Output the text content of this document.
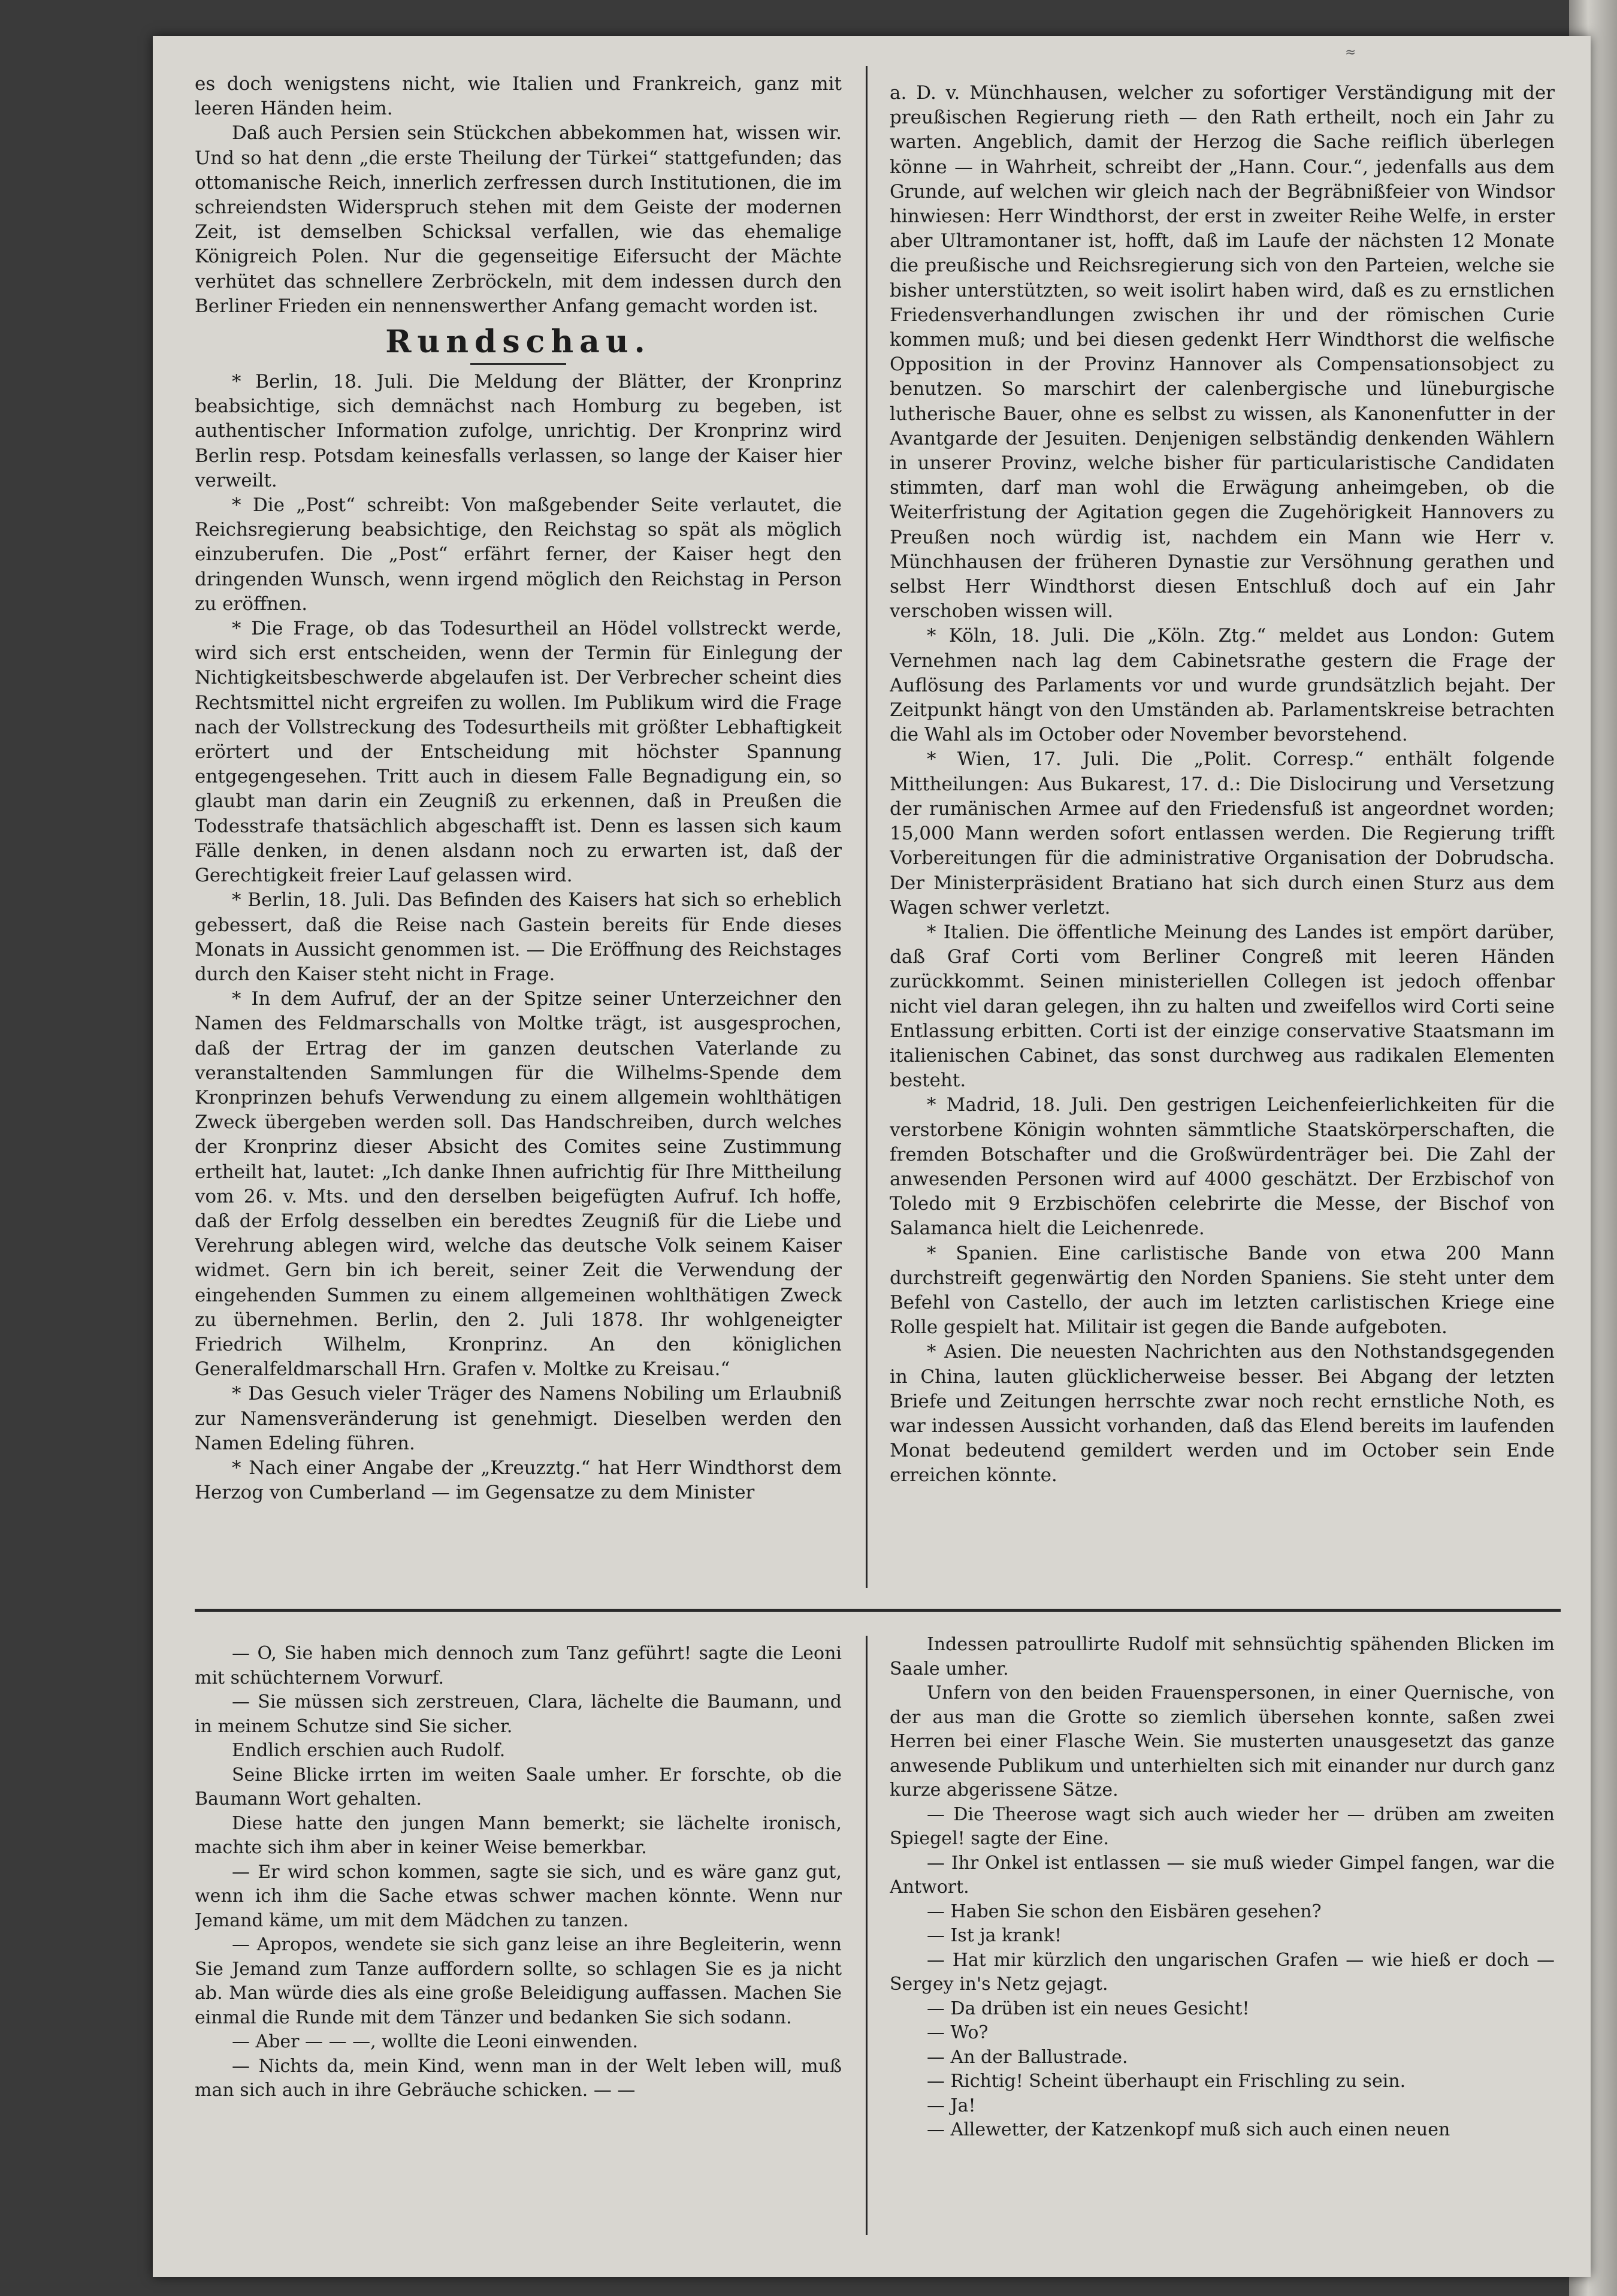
≈

es doch wenigstens nicht, wie Italien und Frankreich, ganz mit leeren Händen heim.

Daß auch Persien sein Stückchen abbekommen hat, wissen wir. Und so hat denn „die erste Theilung der Türkei“ stattgefunden; das ottomanische Reich, innerlich zerfressen durch Institutionen, die im schreiendsten Widerspruch stehen mit dem Geiste der modernen Zeit, ist demselben Schicksal verfallen, wie das ehemalige Königreich Polen. Nur die gegenseitige Eifersucht der Mächte verhütet das schnellere Zerbröckeln, mit dem indessen durch den Berliner Frieden ein nennenswerther Anfang gemacht worden ist.

Rundschau.

* Berlin, 18. Juli. Die Meldung der Blätter, der Kronprinz beabsichtige, sich demnächst nach Homburg zu begeben, ist authentischer Information zufolge, unrichtig. Der Kronprinz wird Berlin resp. Potsdam keinesfalls verlassen, so lange der Kaiser hier verweilt.

* Die „Post“ schreibt: Von maßgebender Seite verlautet, die Reichsregierung beabsichtige, den Reichstag so spät als möglich einzuberufen. Die „Post“ erfährt ferner, der Kaiser hegt den dringenden Wunsch, wenn irgend möglich den Reichstag in Person zu eröffnen.

* Die Frage, ob das Todesurtheil an Hödel vollstreckt werde, wird sich erst entscheiden, wenn der Termin für Einlegung der Nichtigkeitsbeschwerde abgelaufen ist. Der Verbrecher scheint dies Rechtsmittel nicht ergreifen zu wollen. Im Publikum wird die Frage nach der Vollstreckung des Todesurtheils mit größter Lebhaftigkeit erörtert und der Entscheidung mit höchster Spannung entgegengesehen. Tritt auch in diesem Falle Begnadigung ein, so glaubt man darin ein Zeugniß zu erkennen, daß in Preußen die Todesstrafe thatsächlich abgeschafft ist. Denn es lassen sich kaum Fälle denken, in denen alsdann noch zu erwarten ist, daß der Gerechtigkeit freier Lauf gelassen wird.

* Berlin, 18. Juli. Das Befinden des Kaisers hat sich so erheblich gebessert, daß die Reise nach Gastein bereits für Ende dieses Monats in Aussicht genommen ist. — Die Eröffnung des Reichstages durch den Kaiser steht nicht in Frage.

* In dem Aufruf, der an der Spitze seiner Unterzeichner den Namen des Feldmarschalls von Moltke trägt, ist ausgesprochen, daß der Ertrag der im ganzen deutschen Vaterlande zu veranstaltenden Sammlungen für die Wilhelms-Spende dem Kronprinzen behufs Verwendung zu einem allgemein wohlthätigen Zweck übergeben werden soll. Das Handschreiben, durch welches der Kronprinz dieser Absicht des Comites seine Zustimmung ertheilt hat, lautet: „Ich danke Ihnen aufrichtig für Ihre Mittheilung vom 26. v. Mts. und den derselben beigefügten Aufruf. Ich hoffe, daß der Erfolg desselben ein beredtes Zeugniß für die Liebe und Verehrung ablegen wird, welche das deutsche Volk seinem Kaiser widmet. Gern bin ich bereit, seiner Zeit die Verwendung der eingehenden Summen zu einem allgemeinen wohlthätigen Zweck zu übernehmen. Berlin, den 2. Juli 1878. Ihr wohlgeneigter Friedrich Wilhelm, Kronprinz. An den königlichen Generalfeldmarschall Hrn. Grafen v. Moltke zu Kreisau.“

* Das Gesuch vieler Träger des Namens Nobiling um Erlaubniß zur Namensveränderung ist genehmigt. Dieselben werden den Namen Edeling führen.

* Nach einer Angabe der „Kreuzztg.“ hat Herr Windthorst dem Herzog von Cumberland — im Gegensatze zu dem Minister

a. D. v. Münchhausen, welcher zu sofortiger Verständigung mit der preußischen Regierung rieth — den Rath ertheilt, noch ein Jahr zu warten. Angeblich, damit der Herzog die Sache reiflich überlegen könne — in Wahrheit, schreibt der „Hann. Cour.“, jedenfalls aus dem Grunde, auf welchen wir gleich nach der Begräbnißfeier von Windsor hinwiesen: Herr Windthorst, der erst in zweiter Reihe Welfe, in erster aber Ultramontaner ist, hofft, daß im Laufe der nächsten 12 Monate die preußische und Reichsregierung sich von den Parteien, welche sie bisher unterstützten, so weit isolirt haben wird, daß es zu ernstlichen Friedensverhandlungen zwischen ihr und der römischen Curie kommen muß; und bei diesen gedenkt Herr Windthorst die welfische Opposition in der Provinz Hannover als Compensationsobject zu benutzen. So marschirt der calenbergische und lüneburgische lutherische Bauer, ohne es selbst zu wissen, als Kanonenfutter in der Avantgarde der Jesuiten. Denjenigen selbständig denkenden Wählern in unserer Provinz, welche bisher für particularistische Candidaten stimmten, darf man wohl die Erwägung anheimgeben, ob die Weiterfristung der Agitation gegen die Zugehörigkeit Hannovers zu Preußen noch würdig ist, nachdem ein Mann wie Herr v. Münchhausen der früheren Dynastie zur Versöhnung gerathen und selbst Herr Windthorst diesen Entschluß doch auf ein Jahr verschoben wissen will.

* Köln, 18. Juli. Die „Köln. Ztg.“ meldet aus London: Gutem Vernehmen nach lag dem Cabinetsrathe gestern die Frage der Auflösung des Parlaments vor und wurde grundsätzlich bejaht. Der Zeitpunkt hängt von den Umständen ab. Parlamentskreise betrachten die Wahl als im October oder November bevorstehend.

* Wien, 17. Juli. Die „Polit. Corresp.“ enthält folgende Mittheilungen: Aus Bukarest, 17. d.: Die Dislocirung und Versetzung der rumänischen Armee auf den Friedensfuß ist angeordnet worden; 15,000 Mann werden sofort entlassen werden. Die Regierung trifft Vorbereitungen für die administrative Organisation der Dobrudscha. Der Ministerpräsident Bratiano hat sich durch einen Sturz aus dem Wagen schwer verletzt.

* Italien. Die öffentliche Meinung des Landes ist empört darüber, daß Graf Corti vom Berliner Congreß mit leeren Händen zurückkommt. Seinen ministeriellen Collegen ist jedoch offenbar nicht viel daran gelegen, ihn zu halten und zweifellos wird Corti seine Entlassung erbitten. Corti ist der einzige conservative Staatsmann im italienischen Cabinet, das sonst durchweg aus radikalen Elementen besteht.

* Madrid, 18. Juli. Den gestrigen Leichenfeierlichkeiten für die verstorbene Königin wohnten sämmtliche Staatskörperschaften, die fremden Botschafter und die Großwürdenträger bei. Die Zahl der anwesenden Personen wird auf 4000 geschätzt. Der Erzbischof von Toledo mit 9 Erzbischöfen celebrirte die Messe, der Bischof von Salamanca hielt die Leichenrede.

* Spanien. Eine carlistische Bande von etwa 200 Mann durchstreift gegenwärtig den Norden Spaniens. Sie steht unter dem Befehl von Castello, der auch im letzten carlistischen Kriege eine Rolle gespielt hat. Militair ist gegen die Bande aufgeboten.

* Asien. Die neuesten Nachrichten aus den Nothstandsgegenden in China, lauten glücklicherweise besser. Bei Abgang der letzten Briefe und Zeitungen herrschte zwar noch recht ernstliche Noth, es war indessen Aussicht vorhanden, daß das Elend bereits im laufenden Monat bedeutend gemildert werden und im October sein Ende erreichen könnte.

— O, Sie haben mich dennoch zum Tanz geführt! sagte die Leoni mit schüchternem Vorwurf.

— Sie müssen sich zerstreuen, Clara, lächelte die Baumann, und in meinem Schutze sind Sie sicher.

Endlich erschien auch Rudolf.

Seine Blicke irrten im weiten Saale umher. Er forschte, ob die Baumann Wort gehalten.

Diese hatte den jungen Mann bemerkt; sie lächelte ironisch, machte sich ihm aber in keiner Weise bemerkbar.

— Er wird schon kommen, sagte sie sich, und es wäre ganz gut, wenn ich ihm die Sache etwas schwer machen könnte. Wenn nur Jemand käme, um mit dem Mädchen zu tanzen.

— Apropos, wendete sie sich ganz leise an ihre Begleiterin, wenn Sie Jemand zum Tanze auffordern sollte, so schlagen Sie es ja nicht ab. Man würde dies als eine große Beleidigung auffassen. Machen Sie einmal die Runde mit dem Tänzer und bedanken Sie sich sodann.

— Aber — — —, wollte die Leoni einwenden.

— Nichts da, mein Kind, wenn man in der Welt leben will, muß man sich auch in ihre Gebräuche schicken. — —

Indessen patroullirte Rudolf mit sehnsüchtig spähenden Blicken im Saale umher.

Unfern von den beiden Frauenspersonen, in einer Quernische, von der aus man die Grotte so ziemlich übersehen konnte, saßen zwei Herren bei einer Flasche Wein. Sie musterten unausgesetzt das ganze anwesende Publikum und unterhielten sich mit einander nur durch ganz kurze abgerissene Sätze.

— Die Theerose wagt sich auch wieder her — drüben am zweiten Spiegel! sagte der Eine.

— Ihr Onkel ist entlassen — sie muß wieder Gimpel fangen, war die Antwort.

— Haben Sie schon den Eisbären gesehen?

— Ist ja krank!

— Hat mir kürzlich den ungarischen Grafen — wie hieß er doch — Sergey in's Netz gejagt.

— Da drüben ist ein neues Gesicht!

— Wo?

— An der Ballustrade.

— Richtig! Scheint überhaupt ein Frischling zu sein.

— Ja!

— Allewetter, der Katzenkopf muß sich auch einen neuen
